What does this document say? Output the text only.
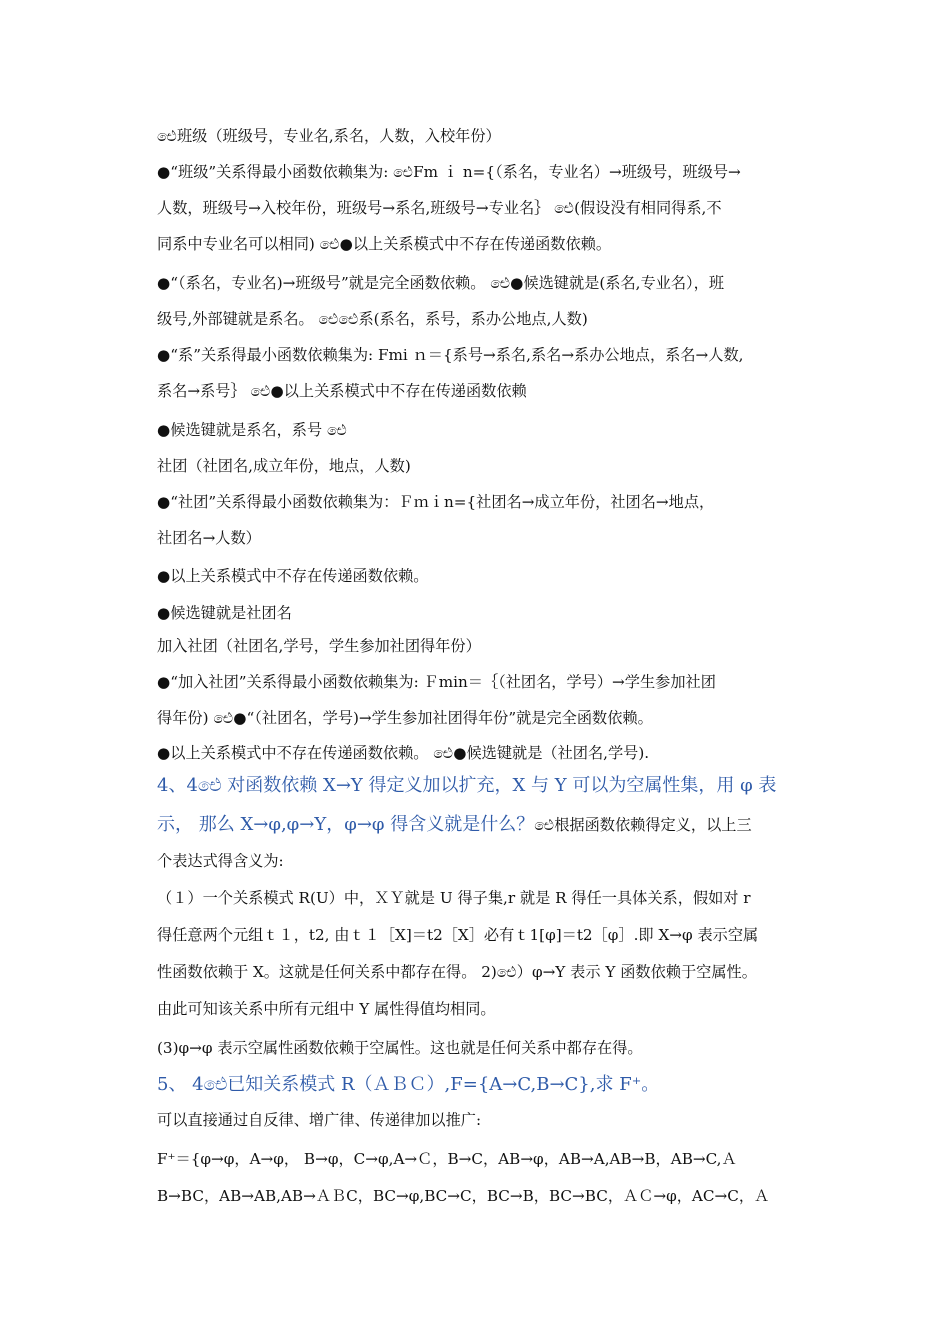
ඓ班级（班级号，专业名,系名，人数，入校年份）
●“班级”关系得最小函数依赖集为: ඓFm ｉ n={（系名，专业名）→班级号，班级号→
人数，班级号→入校年份，班级号→系名,班级号→专业名｝ ඓ(假设没有相同得系,不
同系中专业名可以相同) ඓ●以上关系模式中不存在传递函数依赖。
●“（系名，专业名)→班级号”就是完全函数依赖。 ඓ●候选键就是(系名,专业名），班
级号,外部键就是系名。 ඓඓ系(系名，系号，系办公地点,人数)
●“系”关系得最小函数依赖集为: Fmi ｎ＝{系号→系名,系名→系办公地点，系名→人数,
系名→系号｝ ඓ●以上关系模式中不存在传递函数依赖
●候选键就是系名，系号 ඓ
社团（社团名,成立年份，地点，人数)
●“社团”关系得最小函数依赖集为：Ｆｍｉn={社团名→成立年份，社团名→地点，
社团名→人数）
●以上关系模式中不存在传递函数依赖。
●候选键就是社团名
加入社团（社团名,学号，学生参加社团得年份）
●“加入社团”关系得最小函数依赖集为: Ｆmin＝｛（社团名，学号）→学生参加社团
得年份) ඓ●“（社团名，学号)→学生参加社团得年份”就是完全函数依赖。
●以上关系模式中不存在传递函数依赖。 ඓ●候选键就是（社团名,学号).
4、4ඓ 对函数依赖 X→Y 得定义加以扩充，X 与 Y 可以为空属性集，用 φ 表
示， 那么 X→φ,φ→Y，φ→φ 得含义就是什么？ඓ根据函数依赖得定义，以上三
个表达式得含义为:
（１）一个关系模式 R(U）中，ＸＹ就是 U 得子集,r 就是 R 得任一具体关系，假如对 r
得任意两个元组ｔ１，t2, 由ｔ１［X]＝t2［X］必有ｔ1[φ]＝t2［φ］.即 X→φ 表示空属
性函数依赖于 X。这就是任何关系中都存在得。 2)ඓ）φ→Y 表示 Y 函数依赖于空属性。
由此可知该关系中所有元组中 Y 属性得值均相同。
(3)φ→φ 表示空属性函数依赖于空属性。这也就是任何关系中都存在得。
5、 4ඓ已知关系模式 R（ＡＢＣ）,F={A→C,B→C},求 F⁺。
可以直接通过自反律、增广律、传递律加以推广:
F⁺＝{φ→φ，A→φ， B→φ，C→φ,A→Ｃ，B→C，AB→φ，AB→A,AB→B，AB→C,Ａ
B→BC，AB→AB,AB→ＡＢC，BC→φ,BC→C，BC→B，BC→BC，ＡＣ→φ，AC→C，Ａ
